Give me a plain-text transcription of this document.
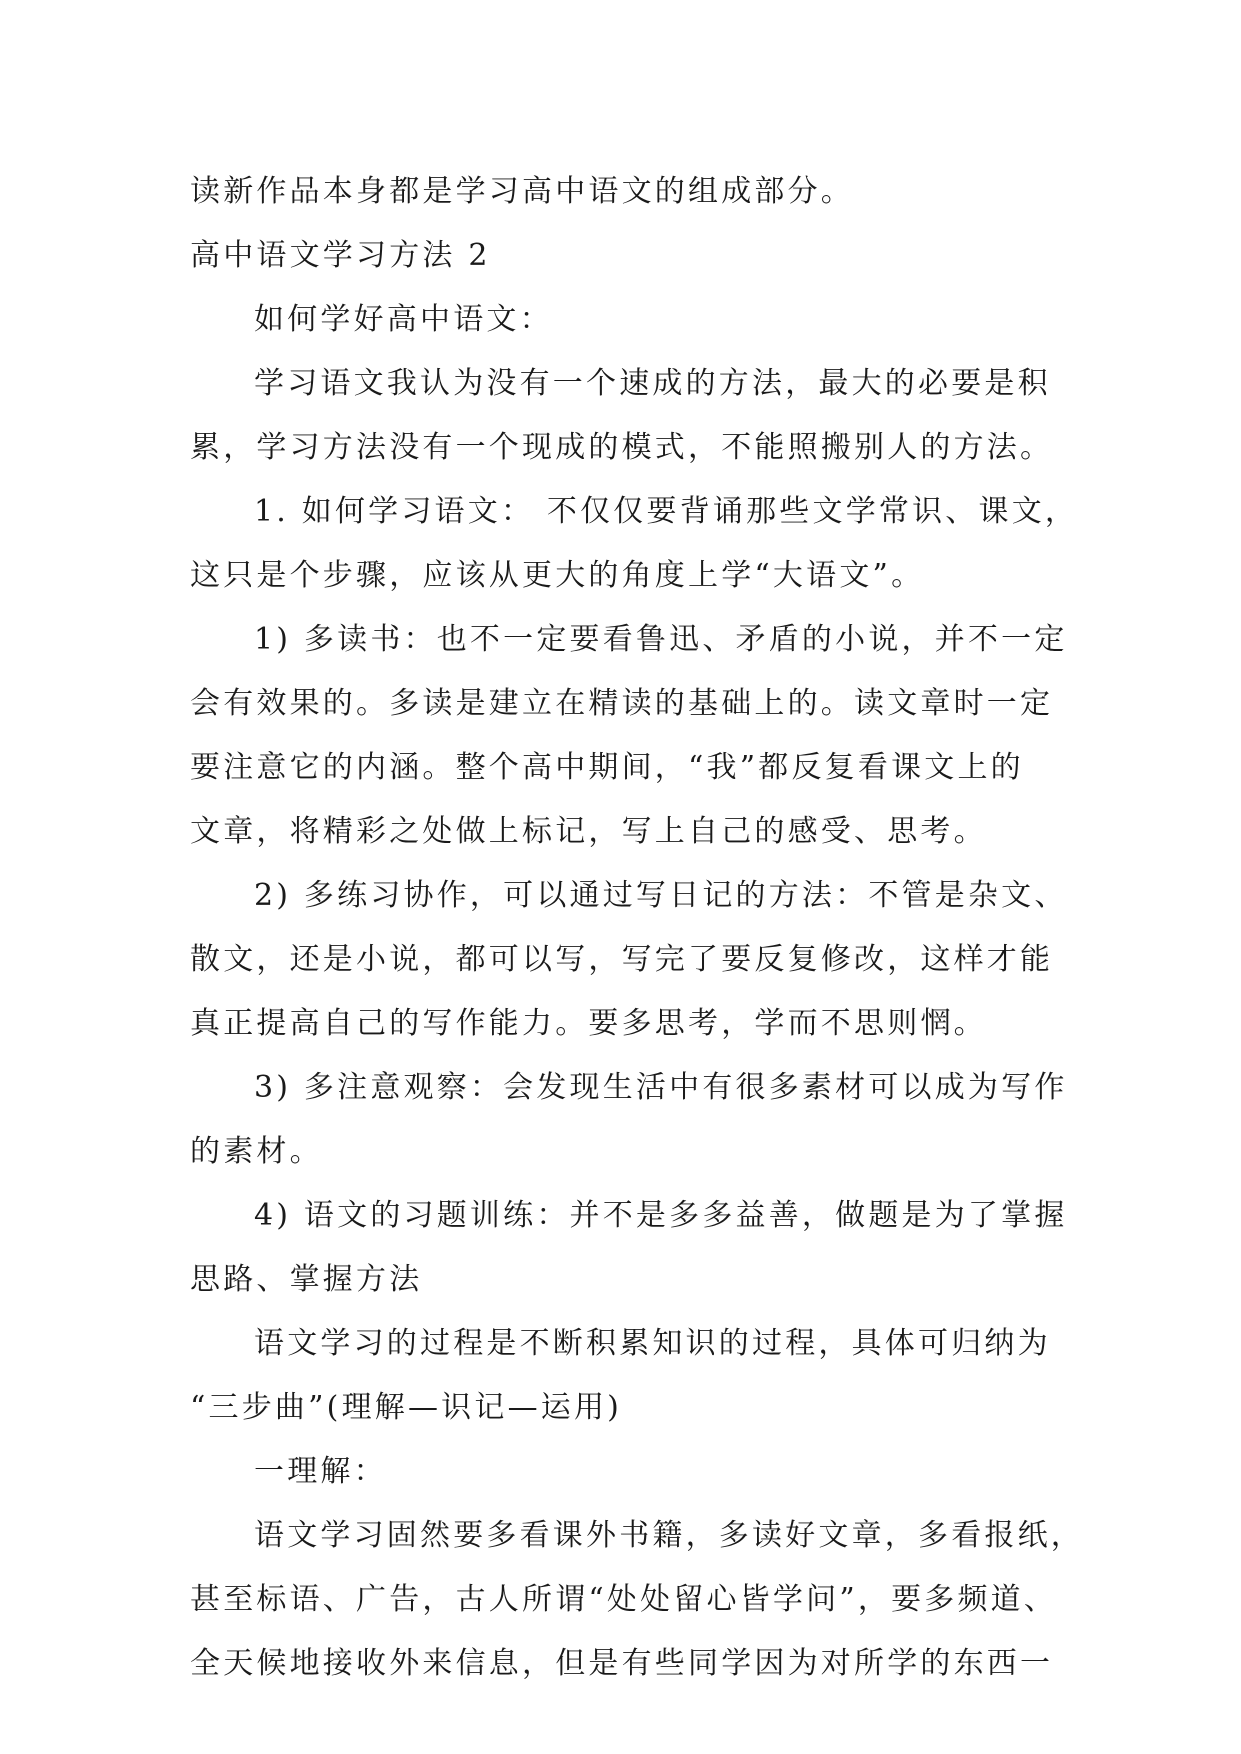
读新作品本身都是学习高中语文的组成部分。
高中语文学习方法 2
如何学好高中语文：
学习语文我认为没有一个速成的方法，最大的必要是积
累，学习方法没有一个现成的模式，不能照搬别人的方法。
1. 如何学习语文： 不仅仅要背诵那些文学常识、课文，
这只是个步骤，应该从更大的角度上学“大语文”。
1) 多读书：也不一定要看鲁迅、矛盾的小说，并不一定
会有效果的。多读是建立在精读的基础上的。读文章时一定
要注意它的内涵。整个高中期间，“我”都反复看课文上的
文章，将精彩之处做上标记，写上自己的感受、思考。
2) 多练习协作，可以通过写日记的方法：不管是杂文、
散文，还是小说，都可以写，写完了要反复修改，这样才能
真正提高自己的写作能力。要多思考，学而不思则惘。
3) 多注意观察：会发现生活中有很多素材可以成为写作
的素材。
4) 语文的习题训练：并不是多多益善，做题是为了掌握
思路、掌握方法
语文学习的过程是不断积累知识的过程，具体可归纳为
“三步曲”(理解—识记—运用)
一理解：
语文学习固然要多看课外书籍，多读好文章，多看报纸，
甚至标语、广告，古人所谓“处处留心皆学问”，要多频道、
全天候地接收外来信息，但是有些同学因为对所学的东西一
